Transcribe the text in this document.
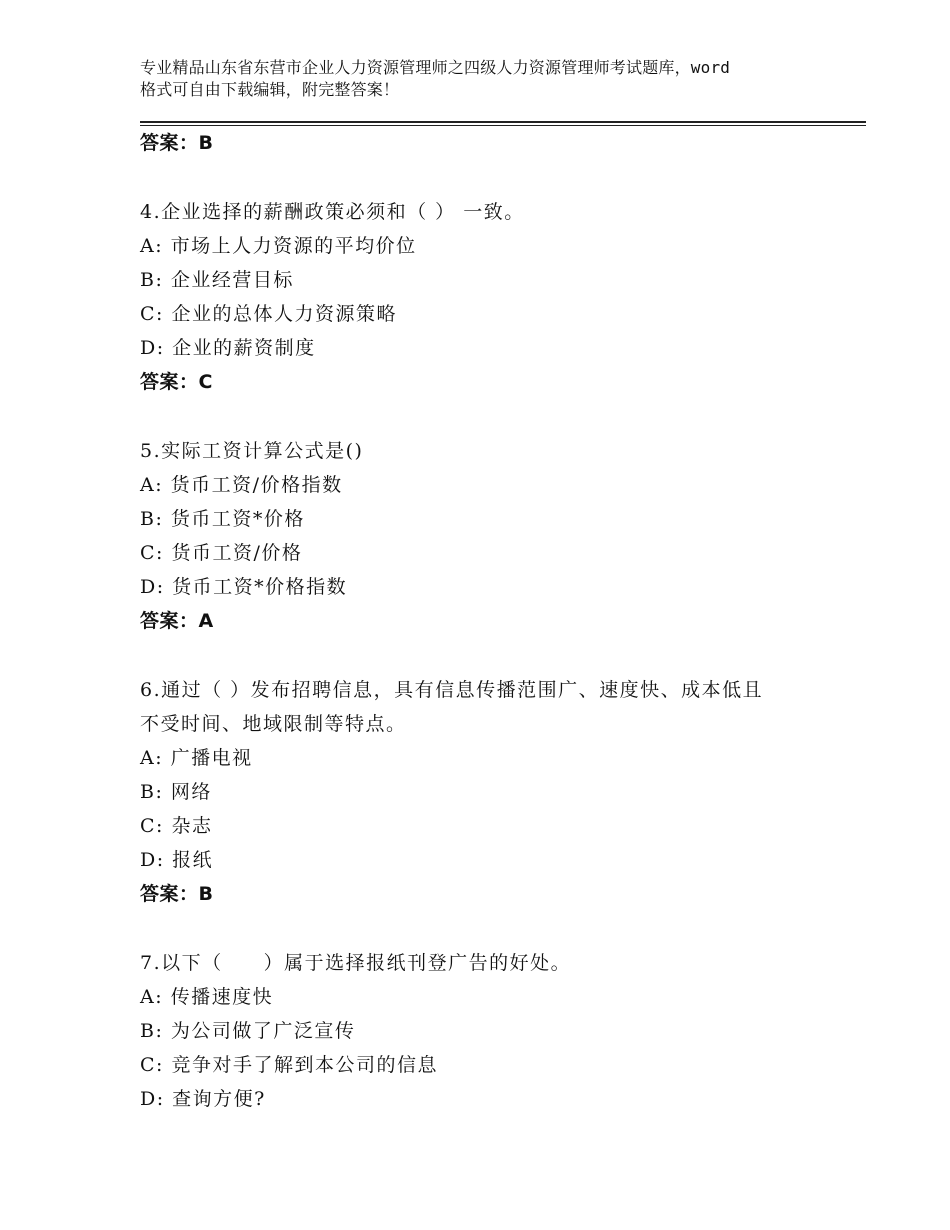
专业精品山东省东营市企业人力资源管理师之四级人力资源管理师考试题库，word
格式可自由下载编辑，附完整答案！
答案：B
4.企业选择的薪酬政策必须和（ ） 一致。
A: 市场上人力资源的平均价位
B: 企业经营目标
C: 企业的总体人力资源策略
D: 企业的薪资制度
答案：C
5.实际工资计算公式是()
A: 货币工资/价格指数
B: 货币工资*价格
C: 货币工资/价格
D: 货币工资*价格指数
答案：A
6.通过（ ）发布招聘信息，具有信息传播范围广、速度快、成本低且
不受时间、地域限制等特点。
A: 广播电视
B: 网络
C: 杂志
D: 报纸
答案：B
7.以下（　　）属于选择报纸刊登广告的好处。
A: 传播速度快
B: 为公司做了广泛宣传
C: 竞争对手了解到本公司的信息
D: 查询方便?
